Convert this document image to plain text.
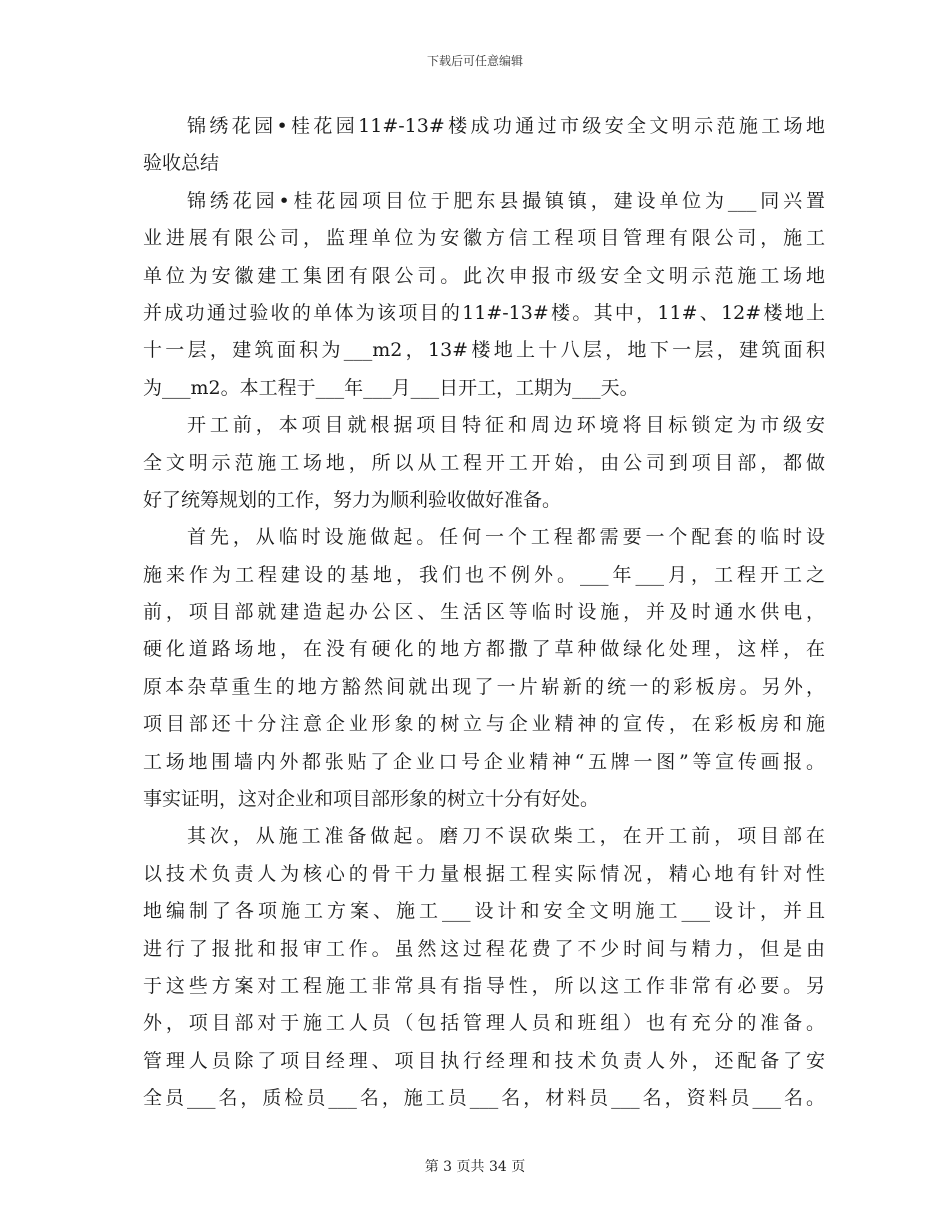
下载后可任意编辑
锦绣花园•桂花园11#-13#楼成功通过市级安全文明示范施工场地
验收总结
锦绣花园•桂花园项目位于肥东县撮镇镇，建设单位为___同兴置
业进展有限公司，监理单位为安徽方信工程项目管理有限公司，施工
单位为安徽建工集团有限公司。此次申报市级安全文明示范施工场地
并成功通过验收的单体为该项目的11#-13#楼。其中，11#、12#楼地上
十一层，建筑面积为___m2，13#楼地上十八层，地下一层，建筑面积
为___m2。本工程于___年___月___日开工，工期为___天。
开工前，本项目就根据项目特征和周边环境将目标锁定为市级安
全文明示范施工场地，所以从工程开工开始，由公司到项目部，都做
好了统筹规划的工作，努力为顺利验收做好准备。
首先，从临时设施做起。任何一个工程都需要一个配套的临时设
施来作为工程建设的基地，我们也不例外。___年___月，工程开工之
前，项目部就建造起办公区、生活区等临时设施，并及时通水供电，
硬化道路场地，在没有硬化的地方都撒了草种做绿化处理，这样，在
原本杂草重生的地方豁然间就出现了一片崭新的统一的彩板房。另外，
项目部还十分注意企业形象的树立与企业精神的宣传，在彩板房和施
工场地围墙内外都张贴了企业口号企业精神“五牌一图”等宣传画报。
事实证明，这对企业和项目部形象的树立十分有好处。
其次，从施工准备做起。磨刀不误砍柴工，在开工前，项目部在
以技术负责人为核心的骨干力量根据工程实际情况，精心地有针对性
地编制了各项施工方案、施工___设计和安全文明施工___设计，并且
进行了报批和报审工作。虽然这过程花费了不少时间与精力，但是由
于这些方案对工程施工非常具有指导性，所以这工作非常有必要。另
外，项目部对于施工人员（包括管理人员和班组）也有充分的准备。
管理人员除了项目经理、项目执行经理和技术负责人外，还配备了安
全员___名，质检员___名，施工员___名，材料员___名，资料员___名。
第 3 页共 34 页
